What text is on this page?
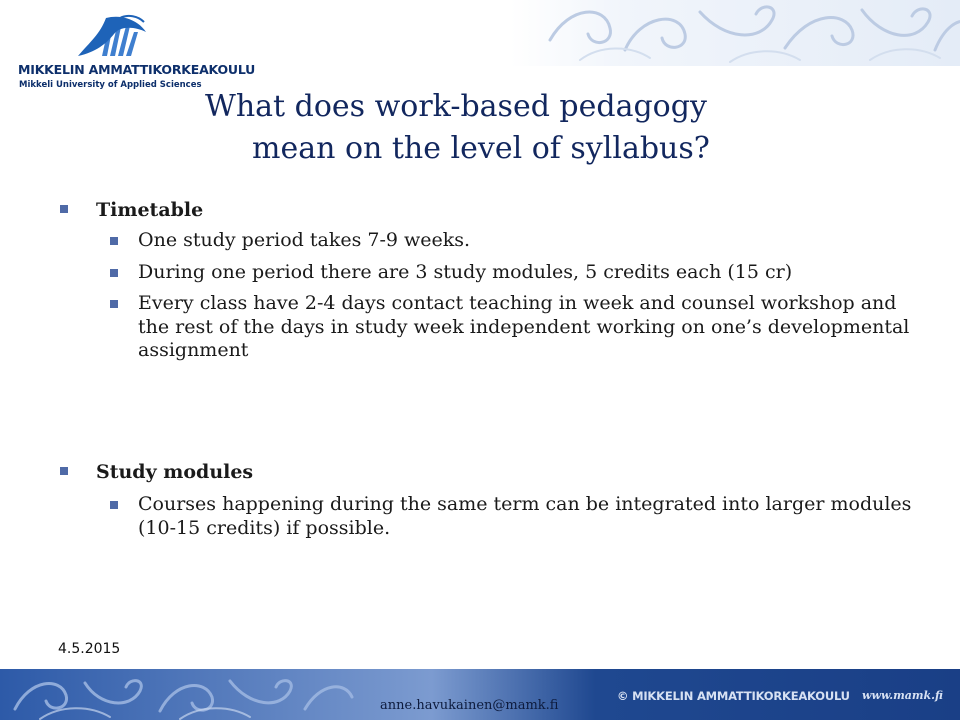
MIKKELIN AMMATTIKORKEAKOULU
Mikkeli University of Applied Sciences
What does work-based pedagogy
mean on the level of syllabus?
Timetable
One study period takes 7-9 weeks.
During one period there are 3 study modules, 5 credits each (15 cr)
Every class have 2-4 days contact teaching in week and counsel workshop and the rest of the days in study week independent working on one’s developmental assignment
Study modules
Courses happening during the same term can be integrated into larger modules (10-15 credits) if possible.
4.5.2015
anne.havukainen@mamk.fi
© MIKKELIN AMMATTIKORKEAKOULU www.mamk.fi
